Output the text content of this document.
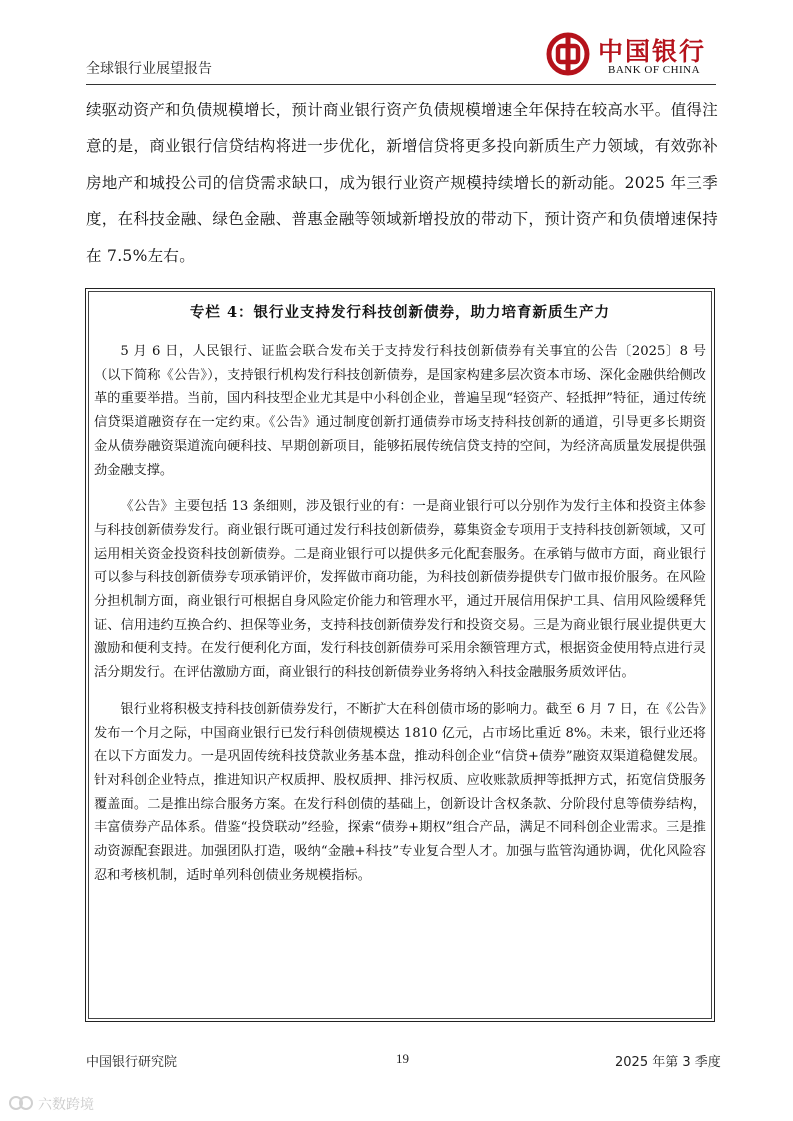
全球银行业展望报告
中国银行
BANK OF CHINA

续驱动资产和负债规模增长，预计商业银行资产负债规模增速全年保持在较高水平。值得注意的是，商业银行信贷结构将进一步优化，新增信贷将更多投向新质生产力领域，有效弥补房地产和城投公司的信贷需求缺口，成为银行业资产规模持续增长的新动能。2025 年三季度，在科技金融、绿色金融、普惠金融等领域新增投放的带动下，预计资产和负债增速保持在 7.5%左右。

专栏 4：银行业支持发行科技创新债券，助力培育新质生产力

5 月 6 日，人民银行、证监会联合发布关于支持发行科技创新债券有关事宜的公告〔2025〕8 号（以下简称《公告》），支持银行机构发行科技创新债券，是国家构建多层次资本市场、深化金融供给侧改革的重要举措。当前，国内科技型企业尤其是中小科创企业，普遍呈现“轻资产、轻抵押”特征，通过传统信贷渠道融资存在一定约束。《公告》通过制度创新打通债券市场支持科技创新的通道，引导更多长期资金从债券融资渠道流向硬科技、早期创新项目，能够拓展传统信贷支持的空间，为经济高质量发展提供强劲金融支撑。

《公告》主要包括 13 条细则，涉及银行业的有：一是商业银行可以分别作为发行主体和投资主体参与科技创新债券发行。商业银行既可通过发行科技创新债券，募集资金专项用于支持科技创新领域，又可运用相关资金投资科技创新债券。二是商业银行可以提供多元化配套服务。在承销与做市方面，商业银行可以参与科技创新债券专项承销评价，发挥做市商功能，为科技创新债券提供专门做市报价服务。在风险分担机制方面，商业银行可根据自身风险定价能力和管理水平，通过开展信用保护工具、信用风险缓释凭证、信用违约互换合约、担保等业务，支持科技创新债券发行和投资交易。三是为商业银行展业提供更大激励和便利支持。在发行便利化方面，发行科技创新债券可采用余额管理方式，根据资金使用特点进行灵活分期发行。在评估激励方面，商业银行的科技创新债券业务将纳入科技金融服务质效评估。

银行业将积极支持科技创新债券发行，不断扩大在科创债市场的影响力。截至 6 月 7 日，在《公告》发布一个月之际，中国商业银行已发行科创债规模达 1810 亿元，占市场比重近 8%。未来，银行业还将在以下方面发力。一是巩固传统科技贷款业务基本盘，推动科创企业“信贷+债券”融资双渠道稳健发展。针对科创企业特点，推进知识产权质押、股权质押、排污权质、应收账款质押等抵押方式，拓宽信贷服务覆盖面。二是推出综合服务方案。在发行科创债的基础上，创新设计含权条款、分阶段付息等债券结构，丰富债券产品体系。借鉴“投贷联动”经验，探索“债券+期权”组合产品，满足不同科创企业需求。三是推动资源配套跟进。加强团队打造，吸纳“金融+科技”专业复合型人才。加强与监管沟通协调，优化风险容忍和考核机制，适时单列科创债业务规模指标。

中国银行研究院	19	2025 年第 3 季度
六数跨境
